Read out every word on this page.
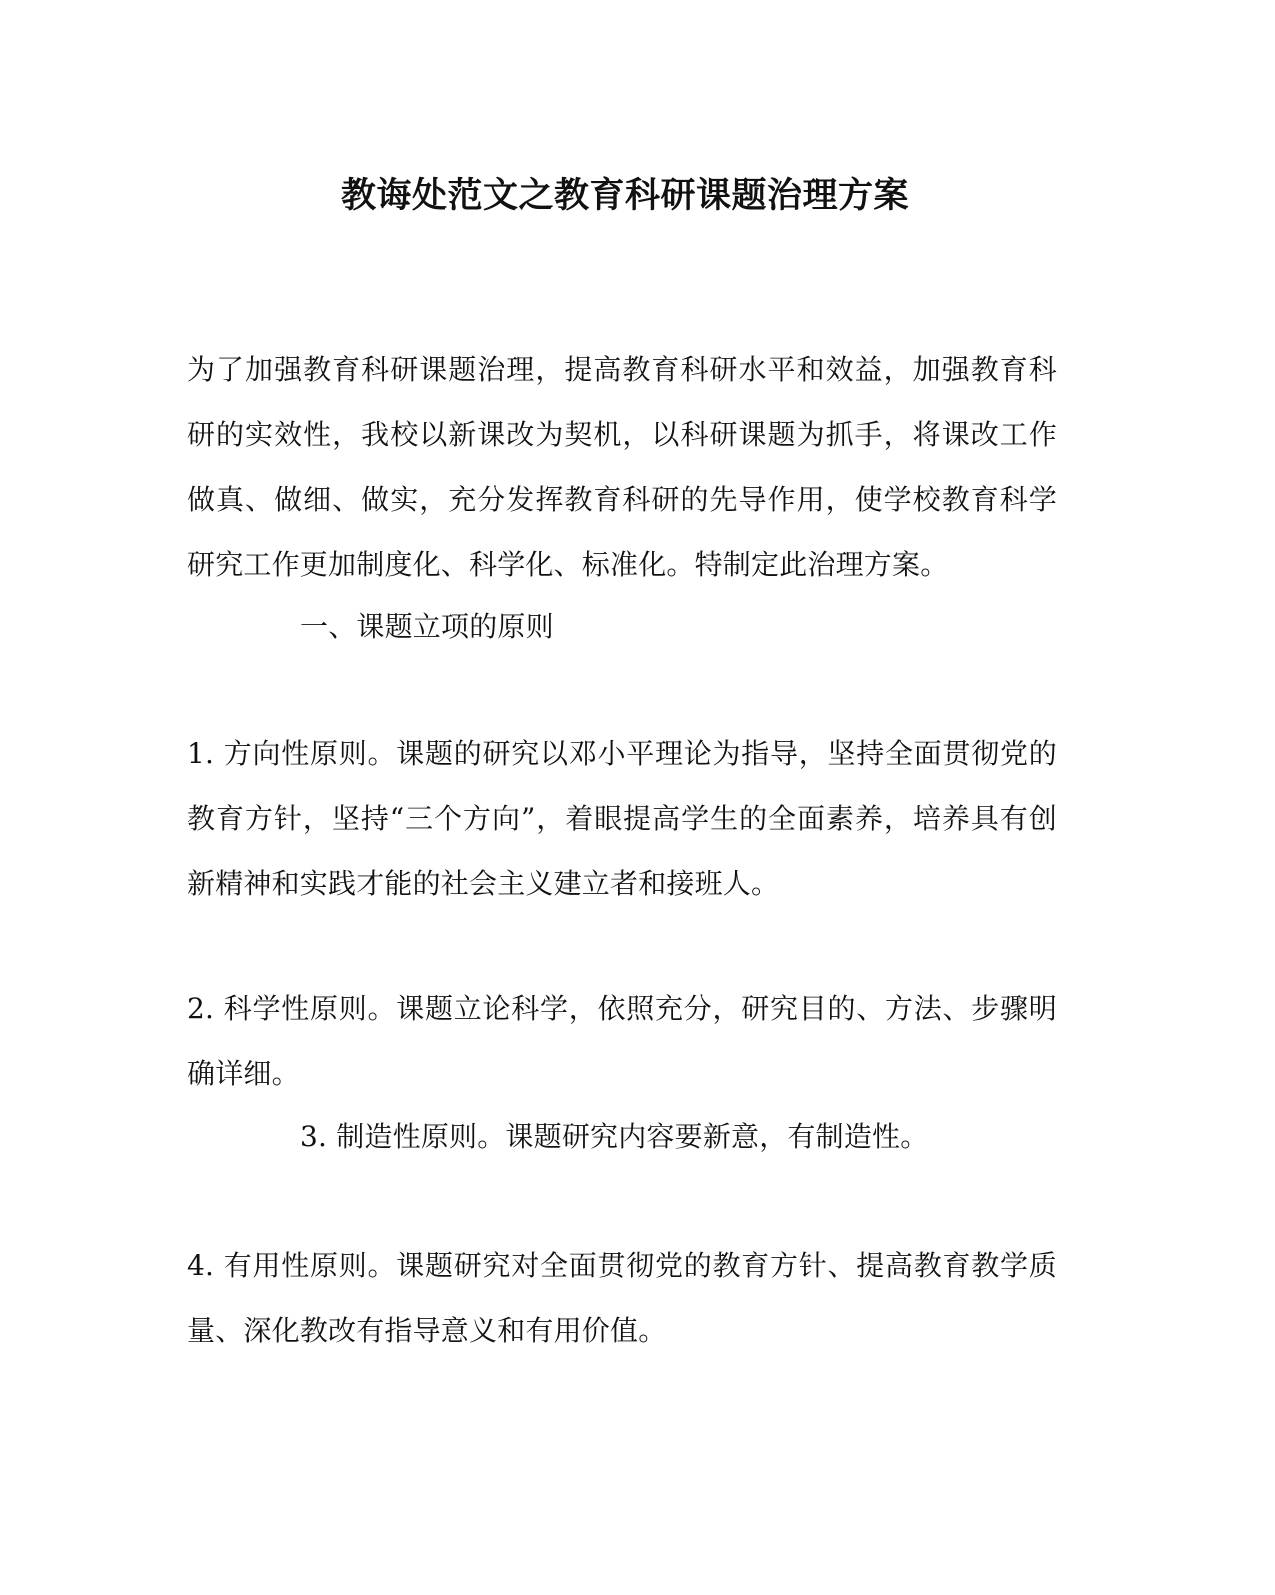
教诲处范文之教育科研课题治理方案

为了加强教育科研课题治理，提高教育科研水平和效益，加强教育科研的实效性，我校以新课改为契机，以科研课题为抓手，将课改工作做真、做细、做实，充分发挥教育科研的先导作用，使学校教育科学研究工作更加制度化、科学化、标准化。特制定此治理方案。

一、课题立项的原则

1. 方向性原则。课题的研究以邓小平理论为指导，坚持全面贯彻党的教育方针，坚持“三个方向”，着眼提高学生的全面素养，培养具有创新精神和实践才能的社会主义建立者和接班人。

2. 科学性原则。课题立论科学，依照充分，研究目的、方法、步骤明确详细。

3. 制造性原则。课题研究内容要新意，有制造性。

4. 有用性原则。课题研究对全面贯彻党的教育方针、提高教育教学质量、深化教改有指导意义和有用价值。
